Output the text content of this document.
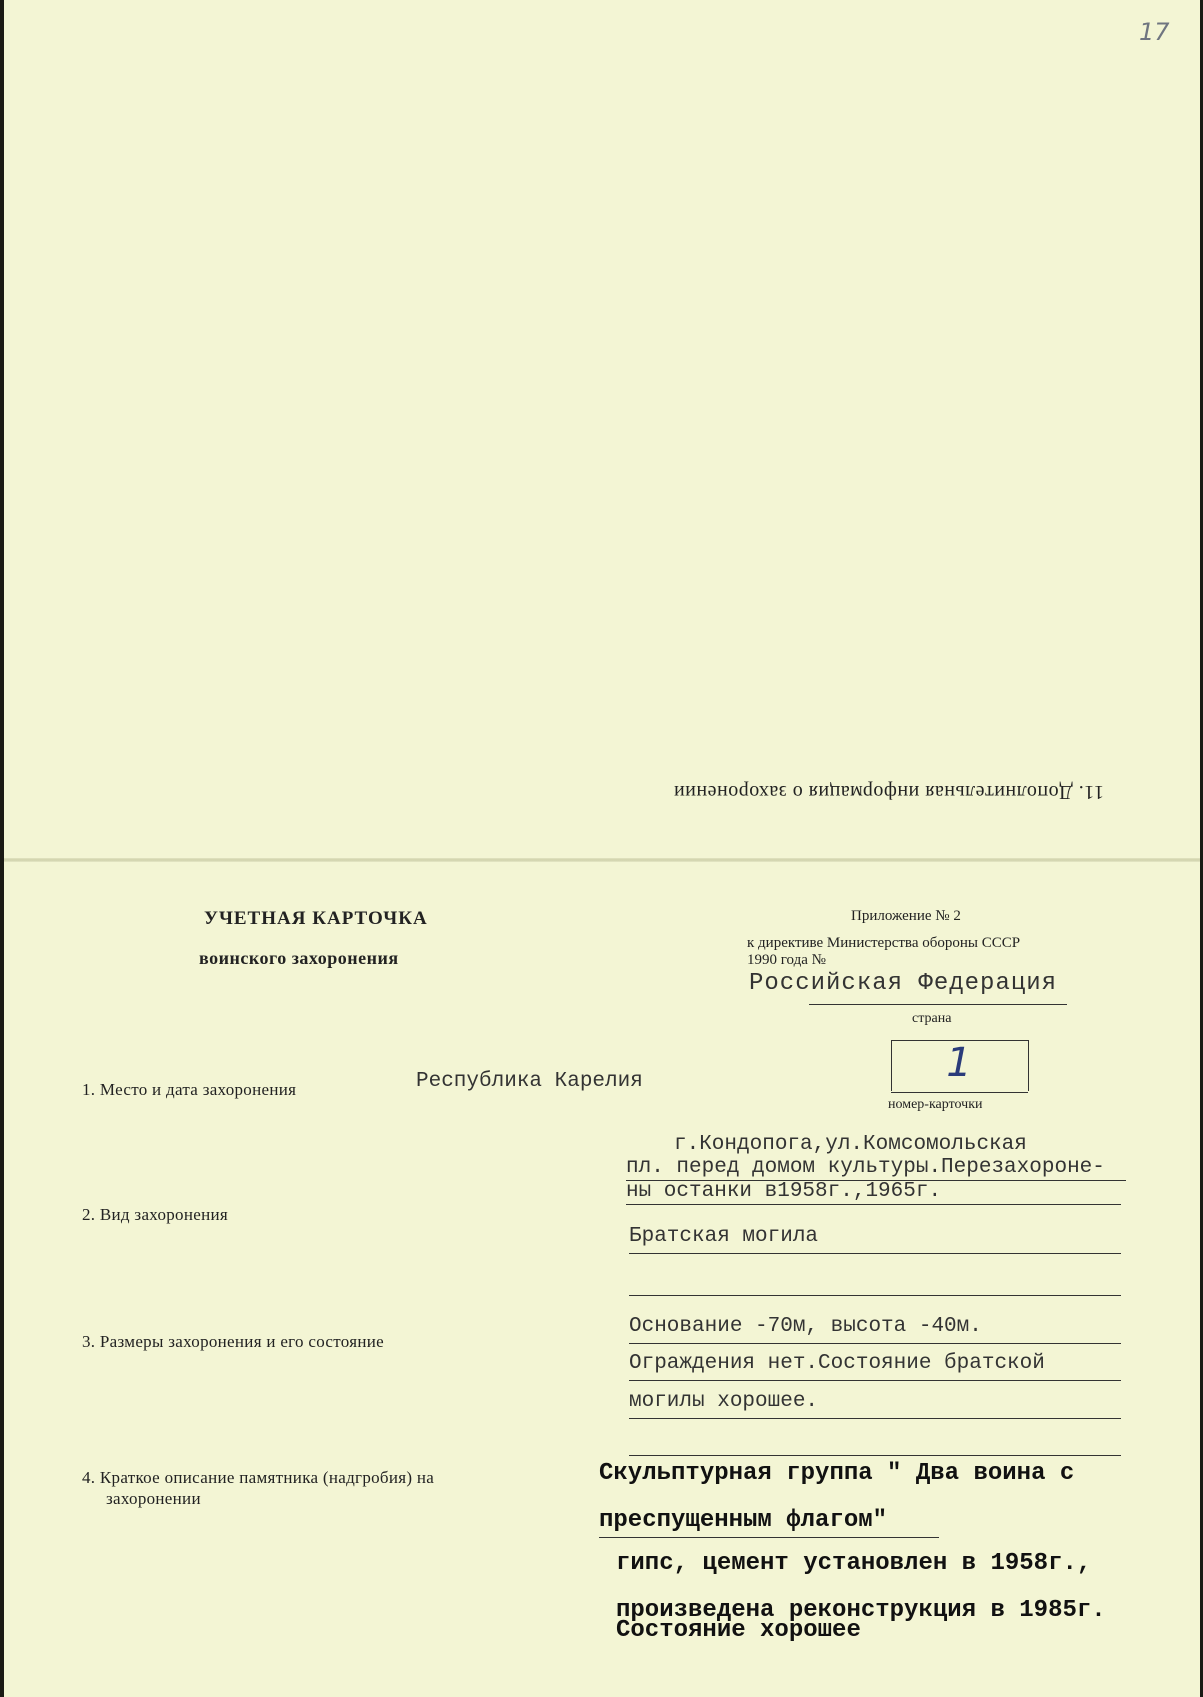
17
11. Дополнительная информация о захоронении
УЧЕТНАЯ КАРТОЧКА
воинского захоронения
Приложение № 2
к директиве Министерства обороны СССР
1990 года №
Российская Федерация
страна
1
номер-карточки
1. Место и дата захоронения	Республика Карелия
г.Кондопога,ул.Комсомольская
пл. перед домом культуры.Перезахороне-
ны останки в1958г.,1965г.
2. Вид захоронения
Братская могила
3. Размеры захоронения и его состояние
Основание -70м, высота -40м.
Ограждения нет.Состояние братской
могилы хорошее.
4. Краткое описание памятника (надгробия) на
захоронении
Скульптурная группа " Два воина с
преспущенным флагом"
гипс, цемент установлен в 1958г.,
произведена реконструкция в 1985г.
Состояние хорошее
